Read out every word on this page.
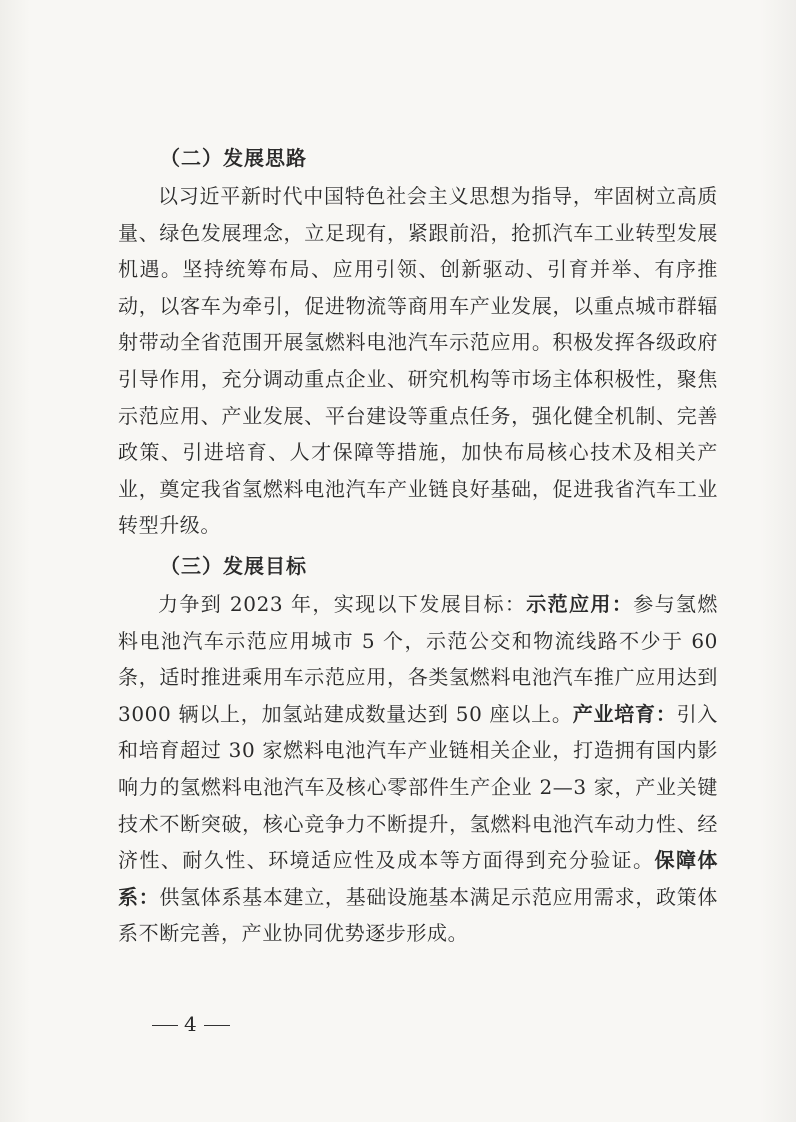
（二）发展思路

以习近平新时代中国特色社会主义思想为指导，牢固树立高质量、绿色发展理念，立足现有，紧跟前沿，抢抓汽车工业转型发展机遇。坚持统筹布局、应用引领、创新驱动、引育并举、有序推动，以客车为牵引，促进物流等商用车产业发展，以重点城市群辐射带动全省范围开展氢燃料电池汽车示范应用。积极发挥各级政府引导作用，充分调动重点企业、研究机构等市场主体积极性，聚焦示范应用、产业发展、平台建设等重点任务，强化健全机制、完善政策、引进培育、人才保障等措施，加快布局核心技术及相关产业，奠定我省氢燃料电池汽车产业链良好基础，促进我省汽车工业转型升级。

（三）发展目标

力争到 2023 年，实现以下发展目标：示范应用：参与氢燃料电池汽车示范应用城市 5 个，示范公交和物流线路不少于 60 条，适时推进乘用车示范应用，各类氢燃料电池汽车推广应用达到 3000 辆以上，加氢站建成数量达到 50 座以上。产业培育：引入和培育超过 30 家燃料电池汽车产业链相关企业，打造拥有国内影响力的氢燃料电池汽车及核心零部件生产企业 2—3 家，产业关键技术不断突破，核心竞争力不断提升，氢燃料电池汽车动力性、经济性、耐久性、环境适应性及成本等方面得到充分验证。保障体系：供氢体系基本建立，基础设施基本满足示范应用需求，政策体系不断完善，产业协同优势逐步形成。

4
